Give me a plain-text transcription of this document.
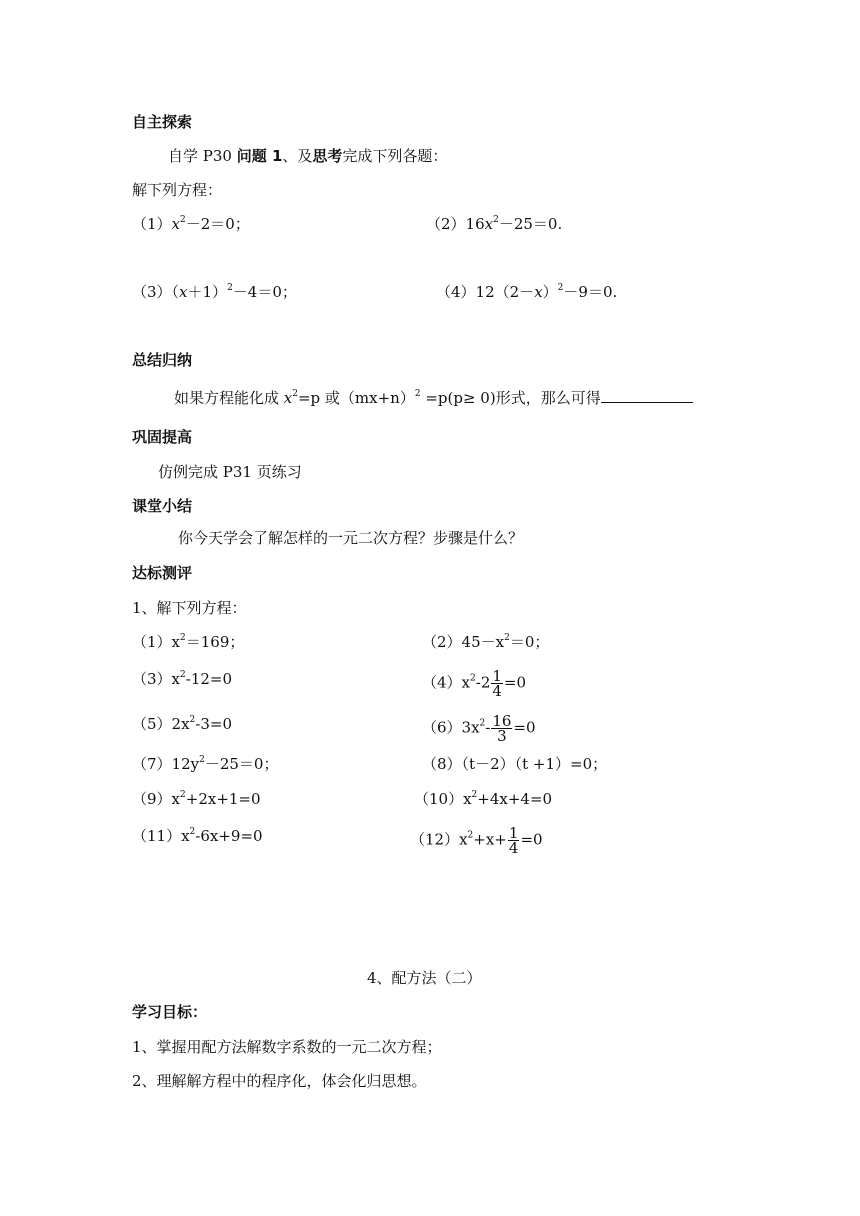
自主探索
自学 P30 问题 1、及思考完成下列各题：
解下列方程：
$(1)x^2-2=0$；	$(2)16x^2-25=0$.
$(3)(x+1)^2-4=0$；	$(4)12(2-x)^2-9=0$.
总结归纳
如果方程能化成 $x^2=p$ 或$(mx+n)^2 =p(p\ge 0)$形式，那么可得
巩固提高
仿例完成 P31 页练习
课堂小结
你今天学会了解怎样的一元二次方程？步骤是什么？
达标测评
1、解下列方程：
$(1)x^2=169$；	$(2)45-x^2=0$；
$(3)x^2-12=0$	$(4)x^2-2 \frac{1}{4} =0$
$(5)2x^2-3=0$	$(6)3x^2- \frac{16}{3} =0$
$(7)12y^2-25=0$；	（8）（t－2）（t +1）=0；
$(9)x^2+2x+1=0$	$(10)x^2+4x+4=0$
$(11)x^2-6x+9=0$	$(12)x^2+x+ \frac{1}{4} =0$
4、配方法（二）
学习目标：
1、掌握用配方法解数字系数的一元二次方程；
2、理解解方程中的程序化，体会化归思想。
